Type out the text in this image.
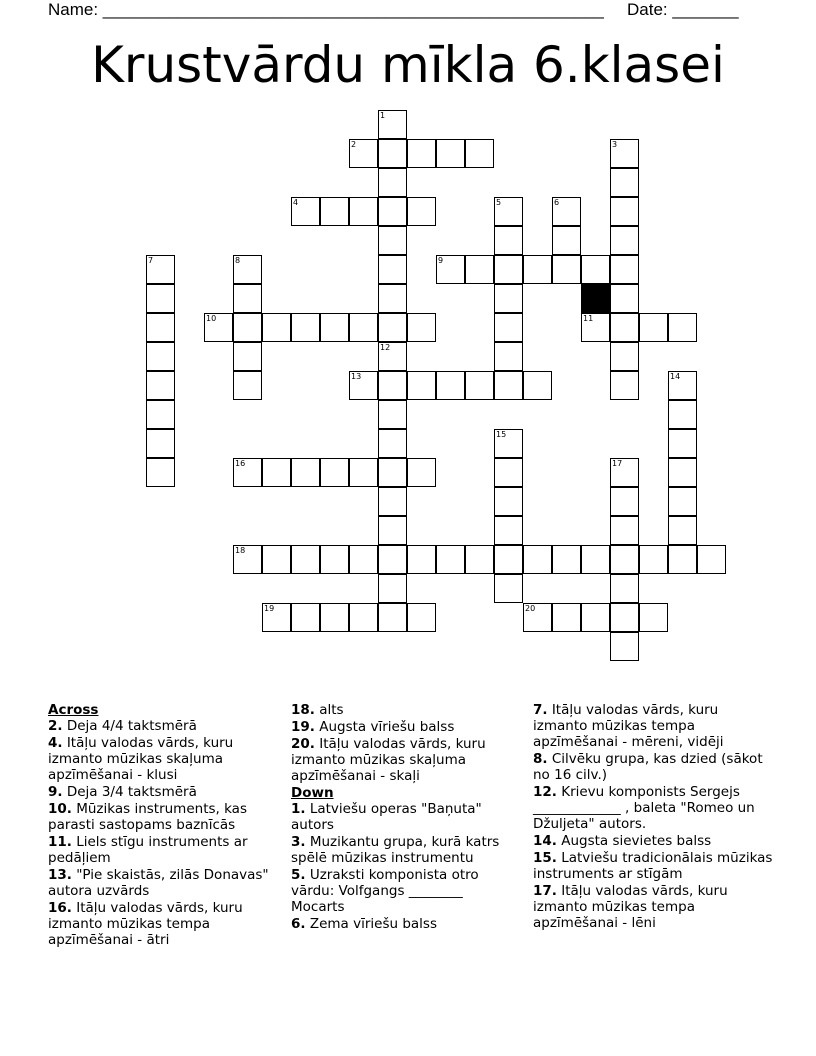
Name: _____________________________________________________ Date: _______
Krustvārdu mīkla 6.klasei
1
12
2	3
4	5	6
7	8	9
10	11
13	14
15
16	17
18
19	20
Across
2. Deja 4/4 taktsmērā
4. Itāļu valodas vārds, kuru izmanto mūzikas skaļuma apzīmēšanai - klusi
9. Deja 3/4 taktsmērā
10. Mūzikas instruments, kas parasti sastopams baznīcās
11. Liels stīgu instruments ar pedāļiem
13. "Pie skaistās, zilās Donavas" autora uzvārds
16. Itāļu valodas vārds, kuru izmanto mūzikas tempa apzīmēšanai - ātri
18. alts
19. Augsta vīriešu balss
20. Itāļu valodas vārds, kuru izmanto mūzikas skaļuma apzīmēšanai - skaļi
Down
1. Latviešu operas "Baņuta" autors
3. Muzikantu grupa, kurā katrs spēlē mūzikas instrumentu
5. Uzraksti komponista otro vārdu: Volfgangs ________ Mocarts
6. Zema vīriešu balss
7. Itāļu valodas vārds, kuru izmanto mūzikas tempa apzīmēšanai - mēreni, vidēji
8. Cilvēku grupa, kas dzied (sākot no 16 cilv.)
12. Krievu komponists Sergejs _____________ , baleta "Romeo un Džuljeta" autors.
14. Augsta sievietes balss
15. Latviešu tradicionālais mūzikas instruments ar stīgām
17. Itāļu valodas vārds, kuru izmanto mūzikas tempa apzīmēšanai - lēni
